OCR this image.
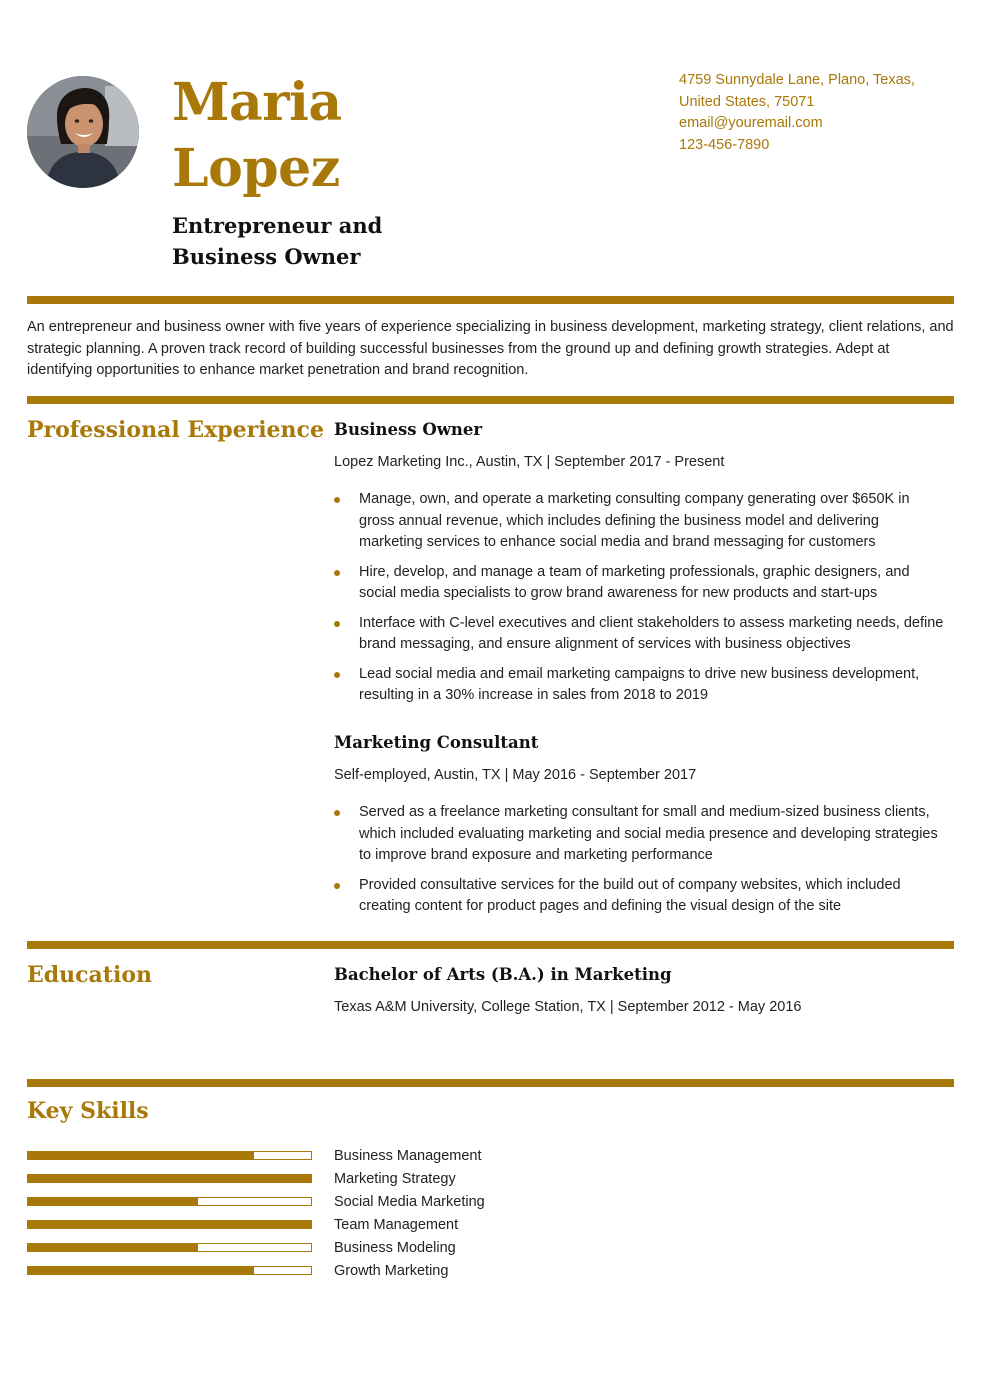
Maria
Lopez
Entrepreneur and
Business Owner
4759 Sunnydale Lane, Plano, Texas,
United States, 75071
email@youremail.com
123-456-7890

An entrepreneur and business owner with five years of experience specializing in business development, marketing strategy, client relations, and strategic planning. A proven track record of building successful businesses from the ground up and defining growth strategies. Adept at identifying opportunities to enhance market penetration and brand recognition.

Professional Experience Business Owner
Lopez Marketing Inc., Austin, TX | September 2017 - Present
Manage, own, and operate a marketing consulting company generating over $650K in gross annual revenue, which includes defining the business model and delivering marketing services to enhance social media and brand messaging for customers
Hire, develop, and manage a team of marketing professionals, graphic designers, and social media specialists to grow brand awareness for new products and start-ups
Interface with C-level executives and client stakeholders to assess marketing needs, define brand messaging, and ensure alignment of services with business objectives
Lead social media and email marketing campaigns to drive new business development, resulting in a 30% increase in sales from 2018 to 2019
Marketing Consultant
Self-employed, Austin, TX | May 2016 - September 2017
Served as a freelance marketing consultant for small and medium-sized business clients, which included evaluating marketing and social media presence and developing strategies to improve brand exposure and marketing performance
Provided consultative services for the build out of company websites, which included creating content for product pages and defining the visual design of the site
Education	Bachelor of Arts (B.A.) in Marketing
Texas A&M University, College Station, TX | September 2012 - May 2016
Key Skills
Business Management
Marketing Strategy
Social Media Marketing
Team Management
Business Modeling
Growth Marketing
